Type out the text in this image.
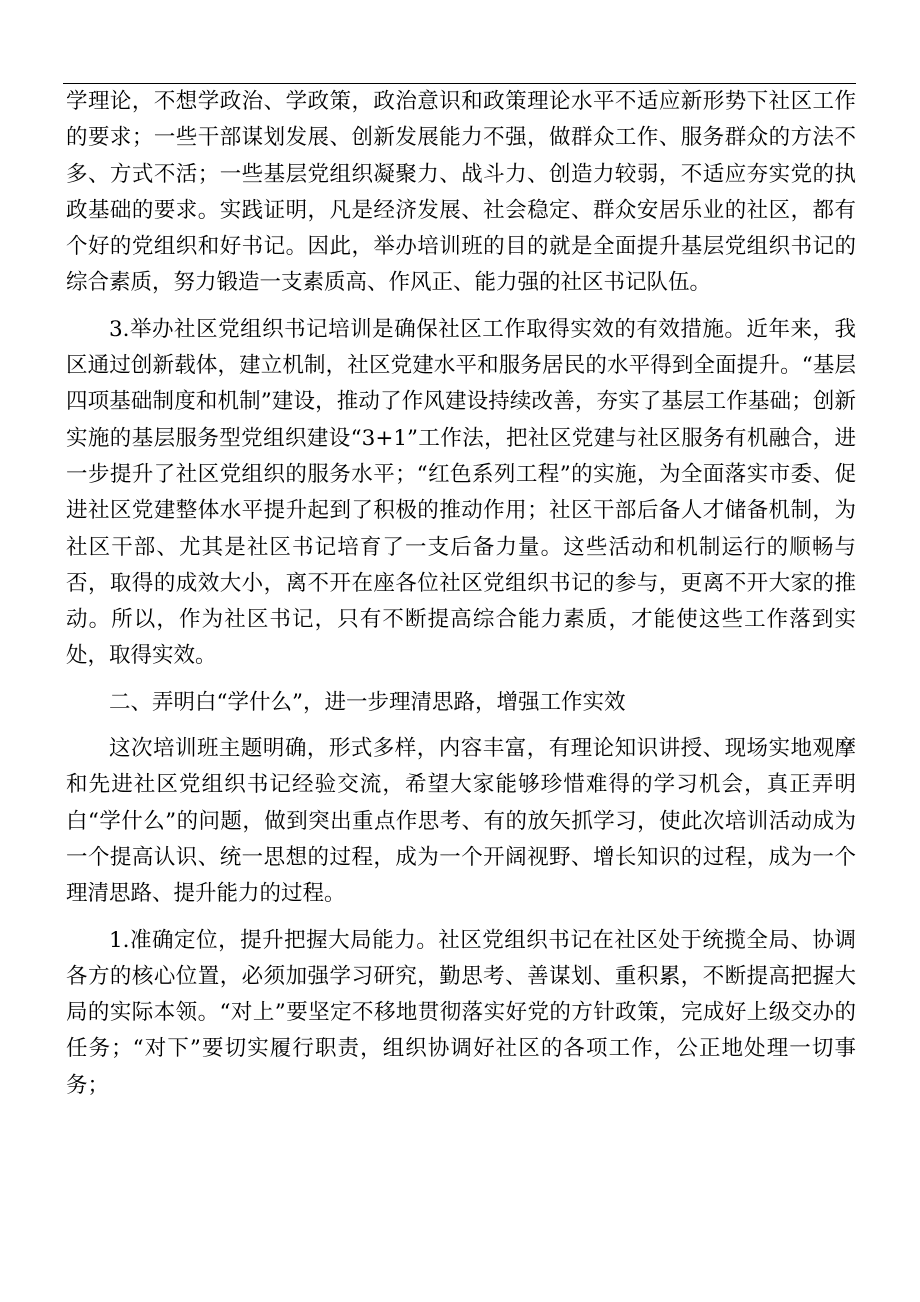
学理论，不想学政治、学政策，政治意识和政策理论水平不适应新形势下社区工作的要求；一些干部谋划发展、创新发展能力不强，做群众工作、服务群众的方法不多、方式不活；一些基层党组织凝聚力、战斗力、创造力较弱，不适应夯实党的执政基础的要求。实践证明，凡是经济发展、社会稳定、群众安居乐业的社区，都有个好的党组织和好书记。因此，举办培训班的目的就是全面提升基层党组织书记的综合素质，努力锻造一支素质高、作风正、能力强的社区书记队伍。

3.举办社区党组织书记培训是确保社区工作取得实效的有效措施。近年来，我区通过创新载体，建立机制，社区党建水平和服务居民的水平得到全面提升。“基层四项基础制度和机制”建设，推动了作风建设持续改善，夯实了基层工作基础；创新实施的基层服务型党组织建设“3+1”工作法，把社区党建与社区服务有机融合，进一步提升了社区党组织的服务水平；“红色系列工程”的实施，为全面落实市委、促进社区党建整体水平提升起到了积极的推动作用；社区干部后备人才储备机制，为社区干部、尤其是社区书记培育了一支后备力量。这些活动和机制运行的顺畅与否，取得的成效大小，离不开在座各位社区党组织书记的参与，更离不开大家的推动。所以，作为社区书记，只有不断提高综合能力素质，才能使这些工作落到实处，取得实效。

二、弄明白“学什么”，进一步理清思路，增强工作实效

这次培训班主题明确，形式多样，内容丰富，有理论知识讲授、现场实地观摩和先进社区党组织书记经验交流，希望大家能够珍惜难得的学习机会，真正弄明白“学什么”的问题，做到突出重点作思考、有的放矢抓学习，使此次培训活动成为一个提高认识、统一思想的过程，成为一个开阔视野、增长知识的过程，成为一个理清思路、提升能力的过程。

1.准确定位，提升把握大局能力。社区党组织书记在社区处于统揽全局、协调各方的核心位置，必须加强学习研究，勤思考、善谋划、重积累，不断提高把握大局的实际本领。“对上”要坚定不移地贯彻落实好党的方针政策，完成好上级交办的任务；“对下”要切实履行职责，组织协调好社区的各项工作，公正地处理一切事务；
